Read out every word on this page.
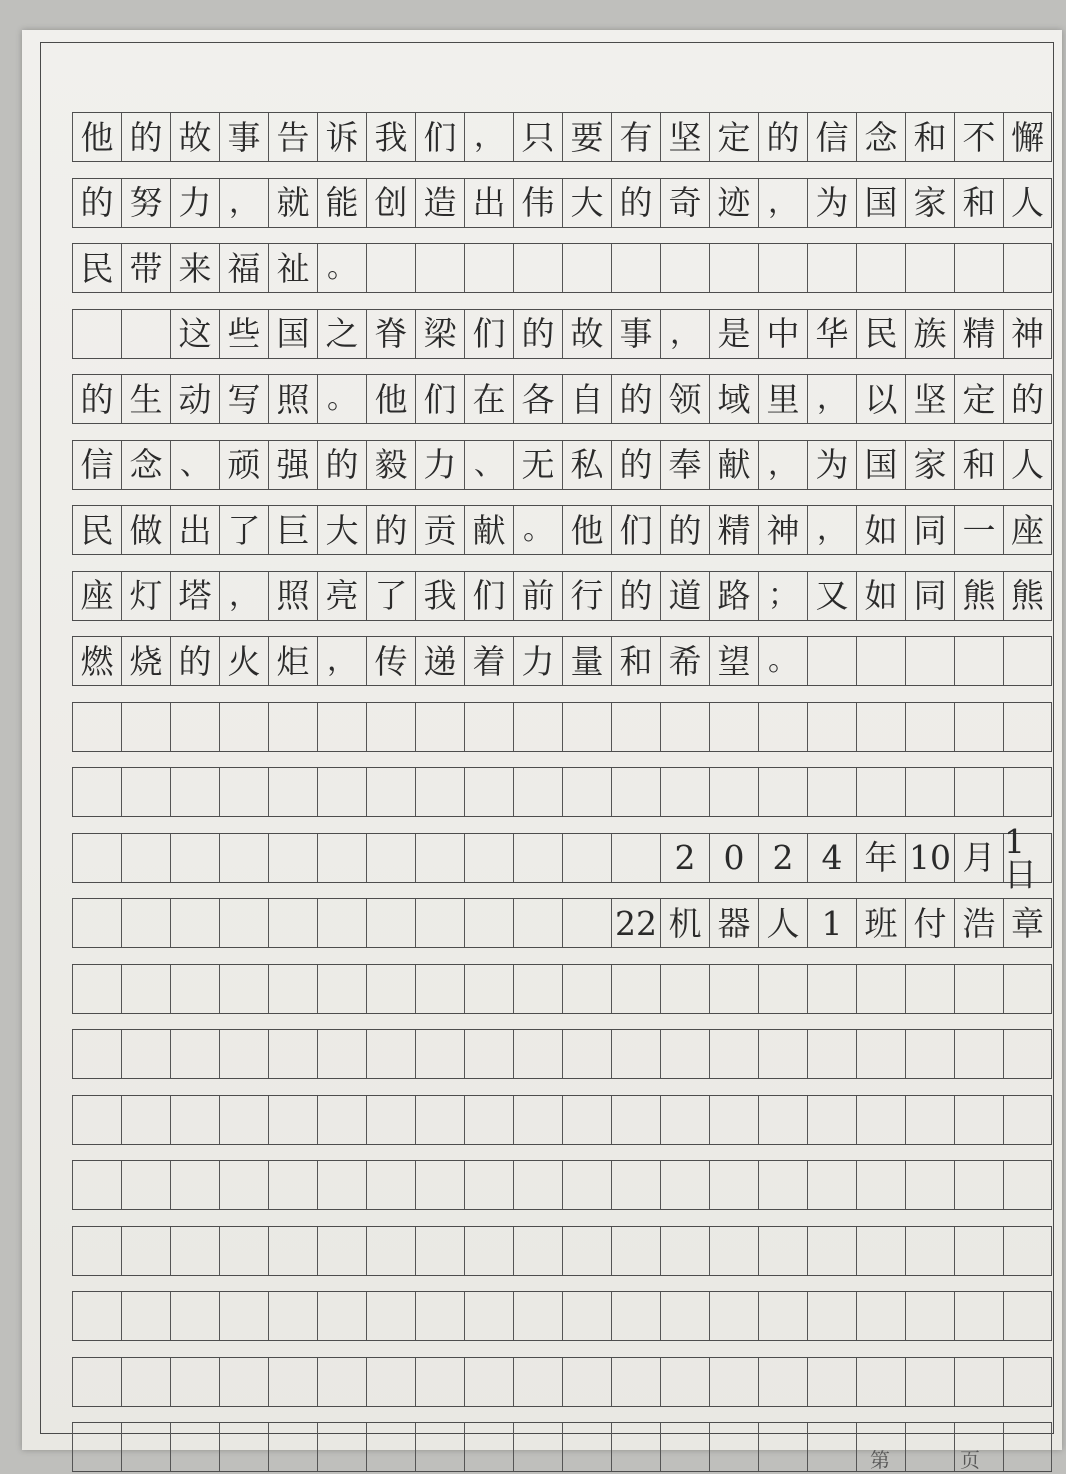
他 的 故 事 告 诉 我 们 ， 只 要 有 坚 定 的 信 念 和 不 懈
的 努 力 ， 就 能 创 造 出 伟 大 的 奇 迹 ， 为 国 家 和 人
民 带 来 福 祉 。
这 些 国 之 脊 梁 们 的 故 事 ， 是 中 华 民 族 精 神
的 生 动 写 照 。 他 们 在 各 自 的 领 域 里 ， 以 坚 定 的
信 念 、 顽 强 的 毅 力 、 无 私 的 奉 献 ， 为 国 家 和 人
民 做 出 了 巨 大 的 贡 献 。 他 们 的 精 神 ， 如 同 一 座
座 灯 塔 ， 照 亮 了 我 们 前 行 的 道 路 ； 又 如 同 熊 熊
燃 烧 的 火 炬 ， 传 递 着 力 量 和 希 望 。
2 0 2 4 年 10 月 1日
22 机 器 人 1 班 付 浩 章
第	页
